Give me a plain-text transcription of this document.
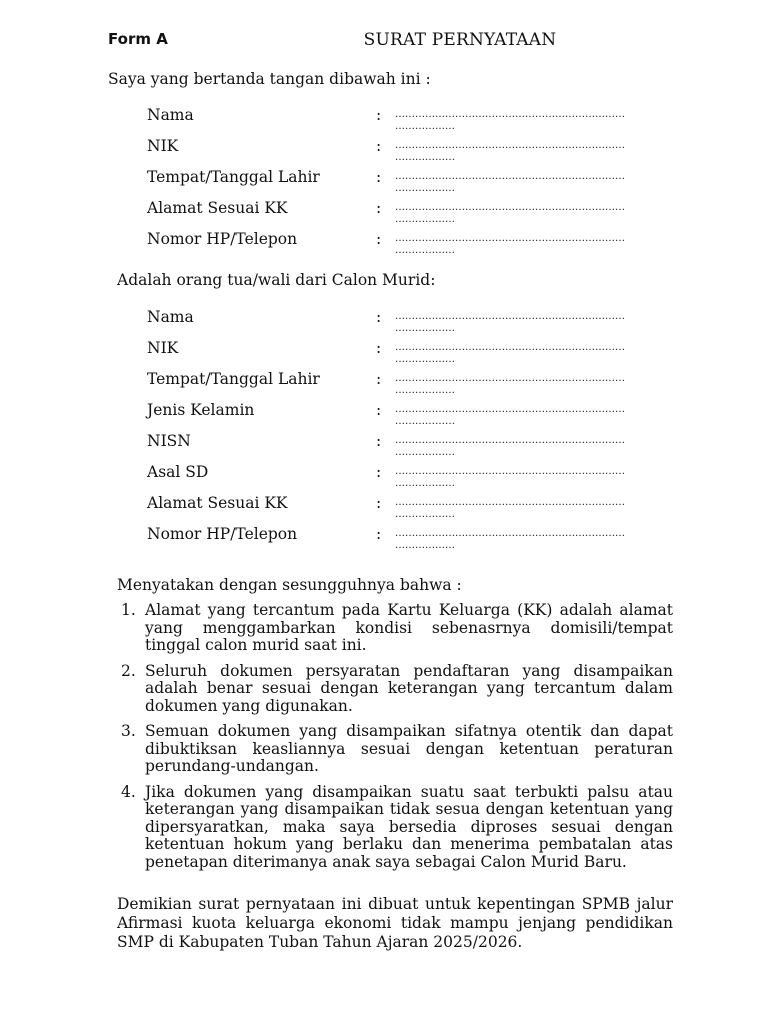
Form A	SURAT PERNYATAAN
Saya yang bertanda tangan dibawah ini :
Nama	: ……………………………………………………………
………………
NIK	: ……………………………………………………………
………………
Tempat/Tanggal Lahir	: ……………………………………………………………
………………
Alamat Sesuai KK	: ……………………………………………………………
………………
Nomor HP/Telepon	: ……………………………………………………………
………………
Adalah orang tua/wali dari Calon Murid:
Nama	: ……………………………………………………………
………………
NIK	: ……………………………………………………………
………………
Tempat/Tanggal Lahir	: ……………………………………………………………
………………
Jenis Kelamin	: ……………………………………………………………
………………
NISN	: ……………………………………………………………
………………
Asal SD	: ……………………………………………………………
………………
Alamat Sesuai KK	: ……………………………………………………………
………………
Nomor HP/Telepon	: ……………………………………………………………
………………
Menyatakan dengan sesungguhnya bahwa :
1. Alamat yang tercantum pada Kartu Keluarga (KK) adalah alamat yang menggambarkan kondisi sebenasrnya domisili/tempat tinggal calon murid saat ini.
2. Seluruh dokumen persyaratan pendaftaran yang disampaikan adalah benar sesuai dengan keterangan yang tercantum dalam dokumen yang digunakan.
3. Semuan dokumen yang disampaikan sifatnya otentik dan dapat dibuktiksan keasliannya sesuai dengan ketentuan peraturan perundang-undangan.
4. Jika dokumen yang disampaikan suatu saat terbukti palsu atau keterangan yang disampaikan tidak sesua dengan ketentuan yang dipersyaratkan, maka saya bersedia diproses sesuai dengan ketentuan hokum yang berlaku dan menerima pembatalan atas penetapan diterimanya anak saya sebagai Calon Murid Baru.
Demikian surat pernyataan ini dibuat untuk kepentingan SPMB jalur Afirmasi kuota keluarga ekonomi tidak mampu jenjang pendidikan SMP di Kabupaten Tuban Tahun Ajaran 2025/2026.
